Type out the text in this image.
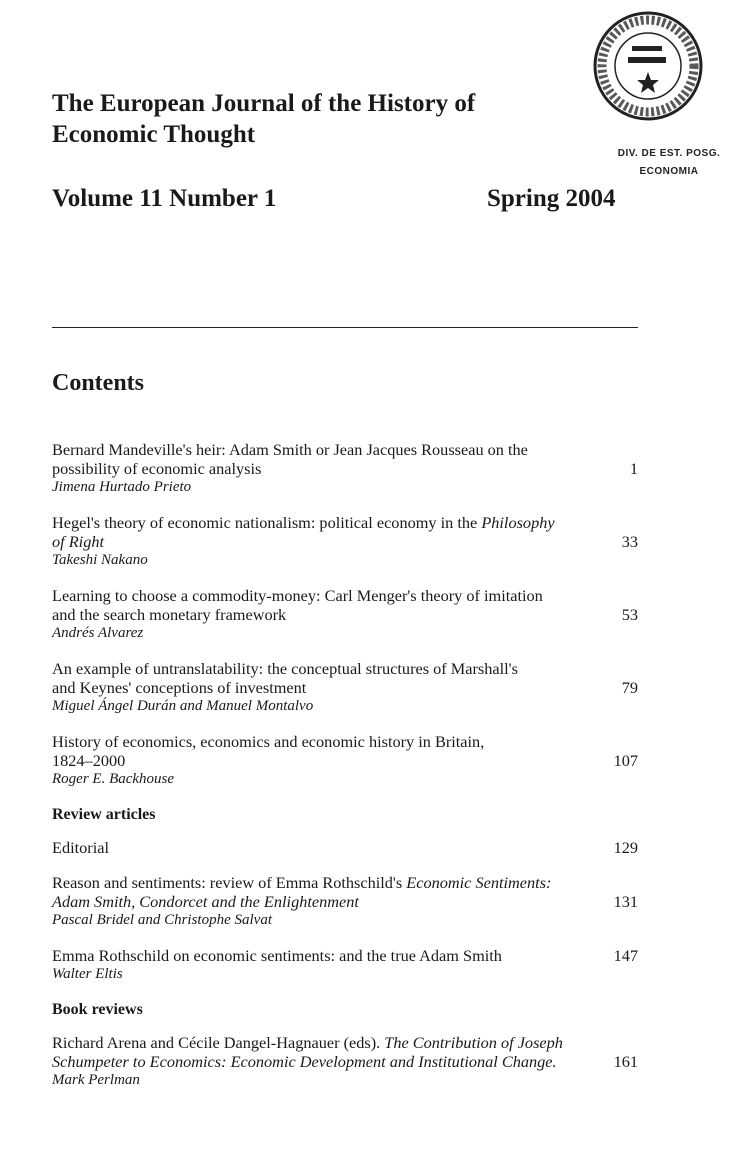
The European Journal of the History of
Economic Thought
Volume 11 Number 1	Spring 2004
DIV. DE EST. POSG.
ECONOMIA
Contents
Bernard Mandeville's heir: Adam Smith or Jean Jacques Rousseau on the
possibility of economic analysis	1
Jimena Hurtado Prieto
Hegel's theory of economic nationalism: political economy in the Philosophy
of Right	33
Takeshi Nakano
Learning to choose a commodity-money: Carl Menger's theory of imitation
and the search monetary framework	53
Andrés Alvarez
An example of untranslatability: the conceptual structures of Marshall's
and Keynes' conceptions of investment	79
Miguel Ángel Durán and Manuel Montalvo
History of economics, economics and economic history in Britain,
1824–2000	107
Roger E. Backhouse
Review articles
Editorial	129
Reason and sentiments: review of Emma Rothschild's Economic Sentiments:
Adam Smith, Condorcet and the Enlightenment	131
Pascal Bridel and Christophe Salvat
Emma Rothschild on economic sentiments: and the true Adam Smith	147
Walter Eltis
Book reviews
Richard Arena and Cécile Dangel-Hagnauer (eds). The Contribution of Joseph
Schumpeter to Economics: Economic Development and Institutional Change.	161
Mark Perlman
